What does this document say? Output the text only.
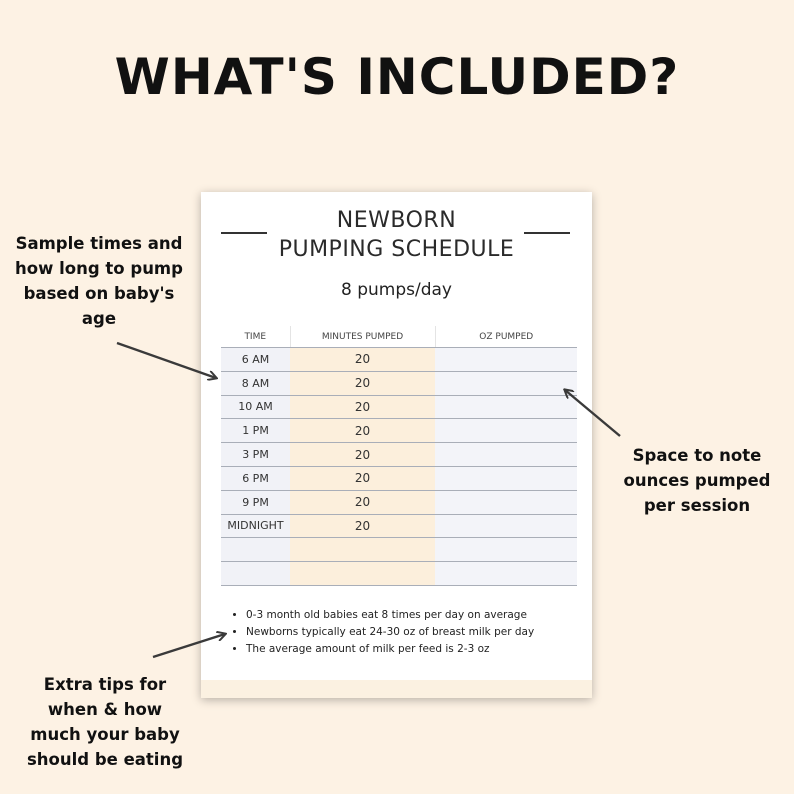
WHAT'S INCLUDED?
NEWBORN
PUMPING SCHEDULE
8 pumps/day
TIME	MINUTES PUMPED	OZ PUMPED
6 AM	20	
8 AM	20	
10 AM	20	
1 PM	20	
3 PM	20	
6 PM	20	
9 PM	20	
MIDNIGHT	20	

• 0-3 month old babies eat 8 times per day on average
• Newborns typically eat 24-30 oz of breast milk per day
• The average amount of milk per feed is 2-3 oz
Sample times and
how long to pump
based on baby's
age
Space to note
ounces pumped
per session
Extra tips for
when & how
much your baby
should be eating
